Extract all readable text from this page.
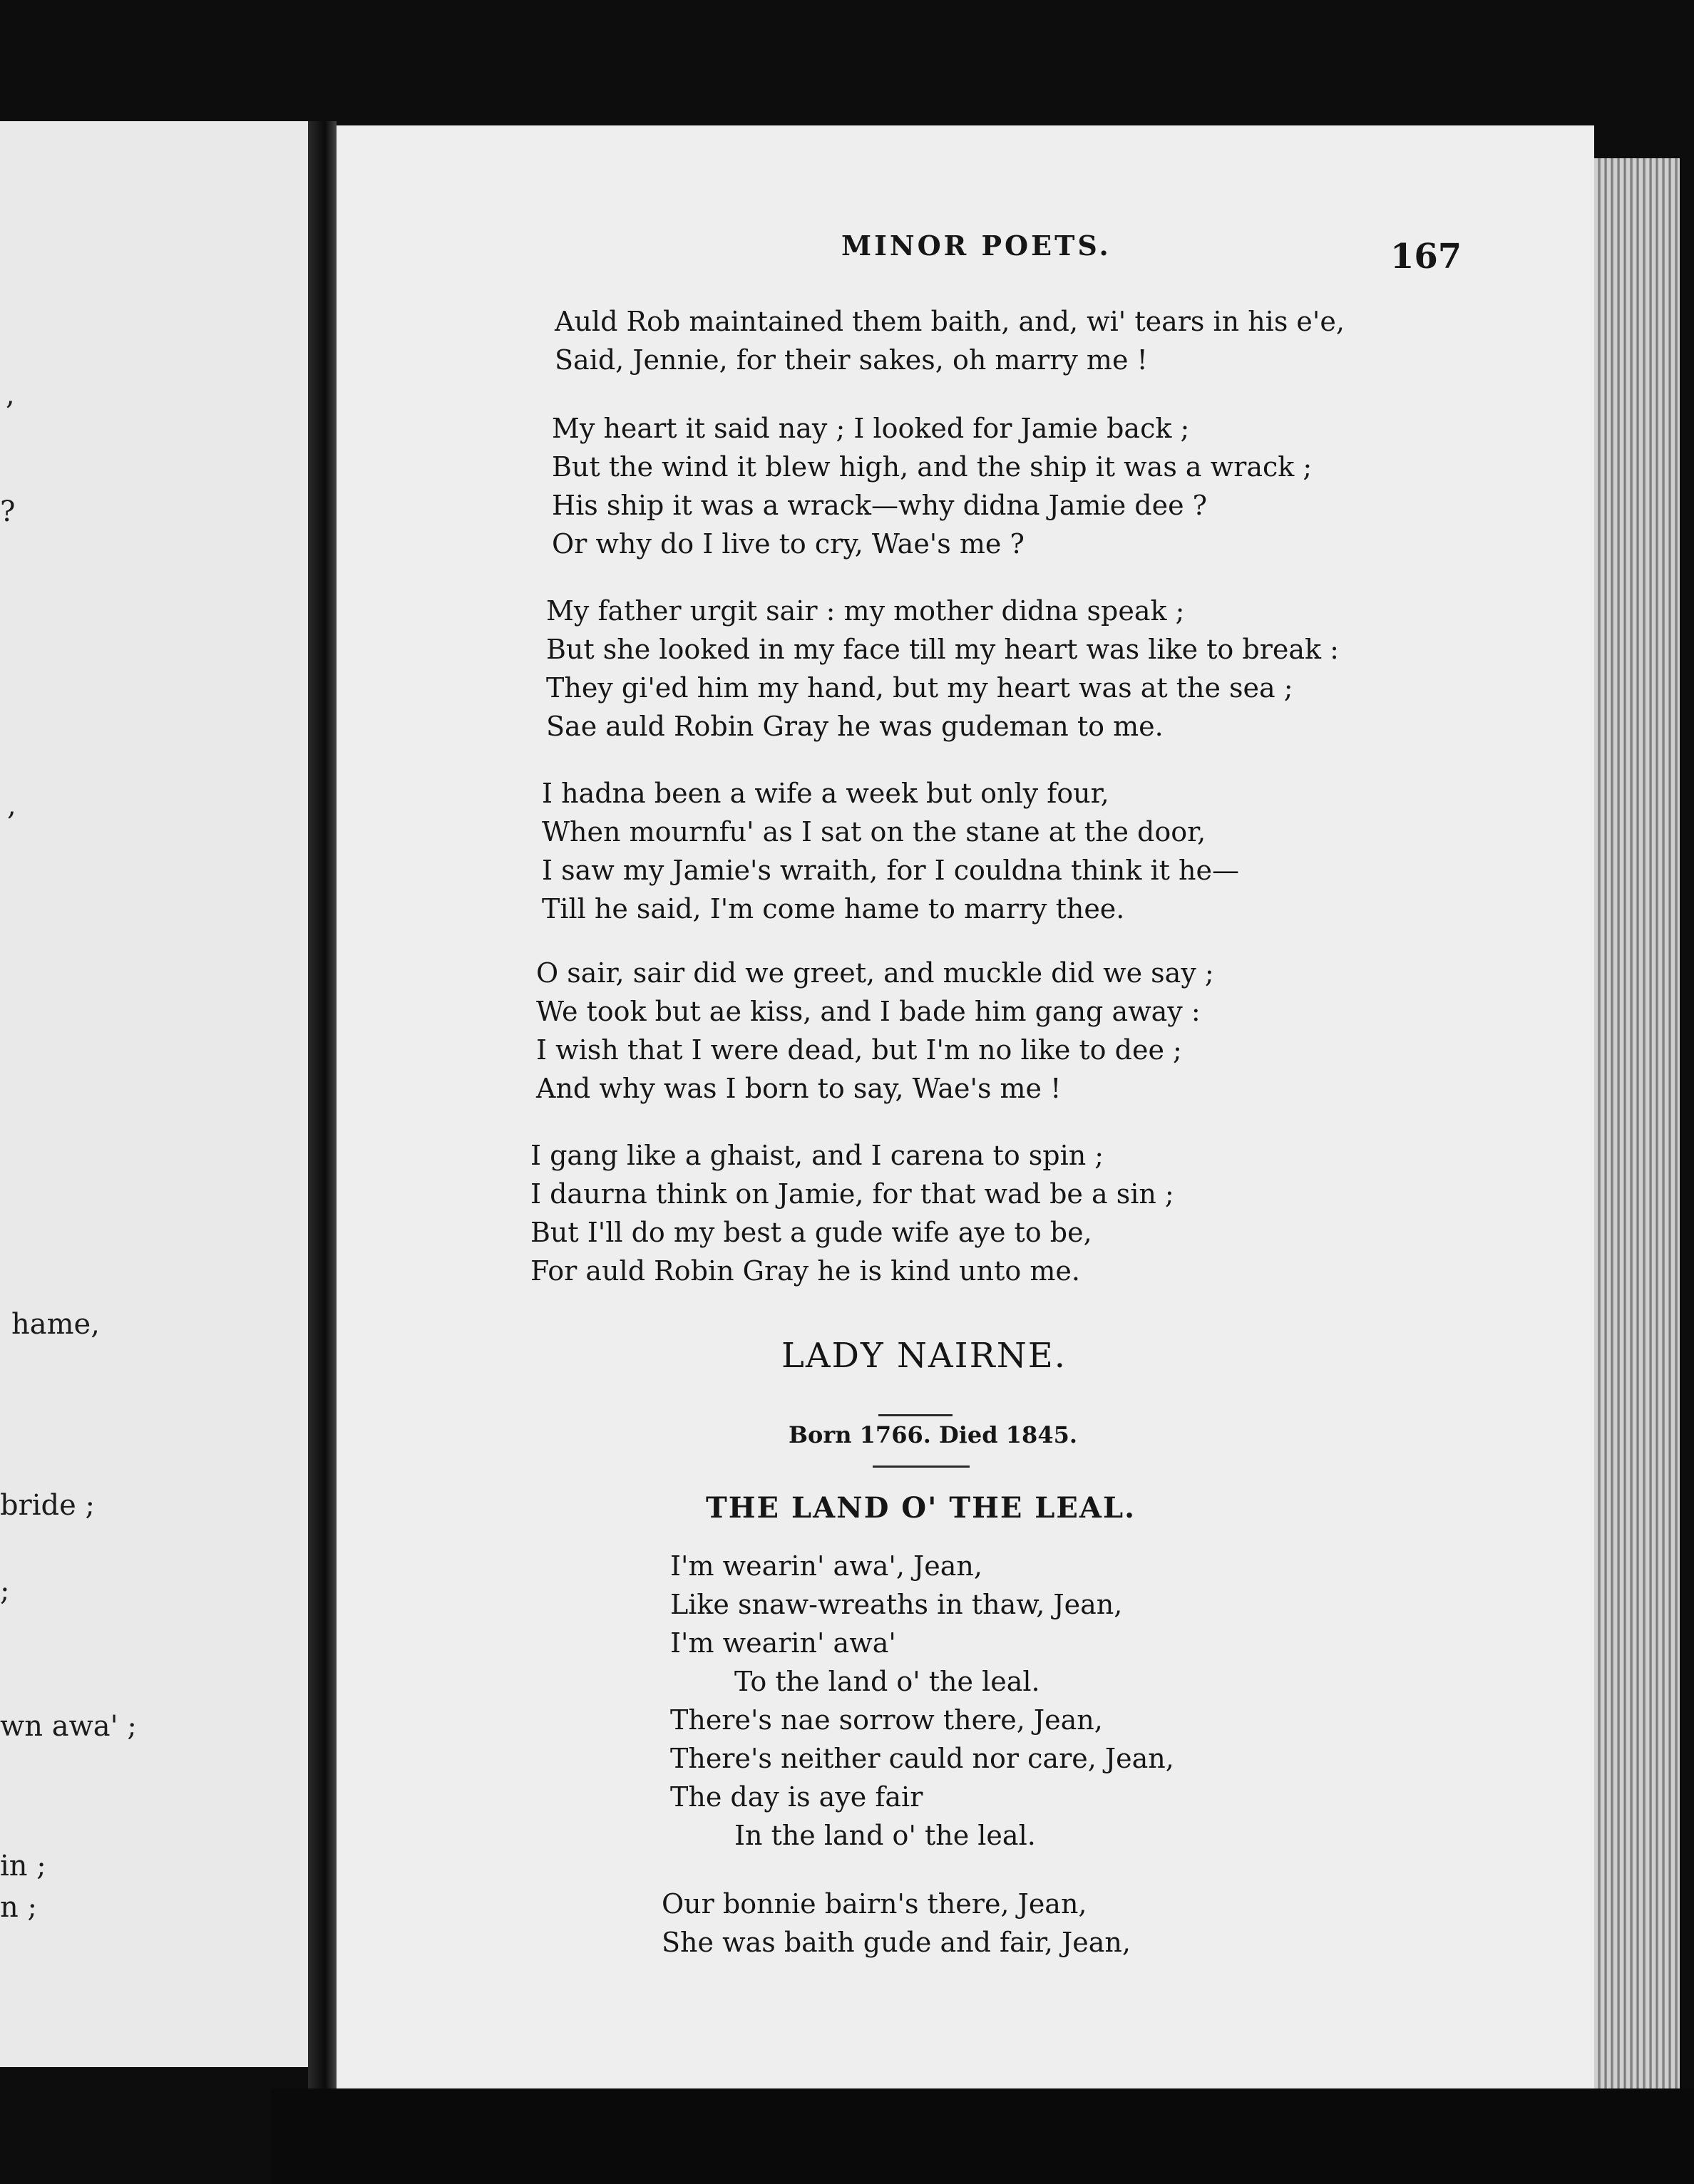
,
?
,
hame,
bride ;
;
wn awa' ;
in ;
n ;
MINOR POETS.	167
Auld Rob maintained them baith, and, wi' tears in his e'e,
Said, Jennie, for their sakes, oh marry me !
My heart it said nay ; I looked for Jamie back ;
But the wind it blew high, and the ship it was a wrack ;
His ship it was a wrack—why didna Jamie dee ?
Or why do I live to cry, Wae's me ?
My father urgit sair : my mother didna speak ;
But she looked in my face till my heart was like to break :
They gi'ed him my hand, but my heart was at the sea ;
Sae auld Robin Gray he was gudeman to me.
I hadna been a wife a week but only four,
When mournfu' as I sat on the stane at the door,
I saw my Jamie's wraith, for I couldna think it he—
Till he said, I'm come hame to marry thee.
O sair, sair did we greet, and muckle did we say ;
We took but ae kiss, and I bade him gang away :
I wish that I were dead, but I'm no like to dee ;
And why was I born to say, Wae's me !
I gang like a ghaist, and I carena to spin ;
I daurna think on Jamie, for that wad be a sin ;
But I'll do my best a gude wife aye to be,
For auld Robin Gray he is kind unto me.
LADY NAIRNE.
Born 1766. Died 1845.
THE LAND O' THE LEAL.
I'm wearin' awa', Jean,
Like snaw-wreaths in thaw, Jean,
I'm wearin' awa'
To the land o' the leal.
There's nae sorrow there, Jean,
There's neither cauld nor care, Jean,
The day is aye fair
In the land o' the leal.
Our bonnie bairn's there, Jean,
She was baith gude and fair, Jean,
